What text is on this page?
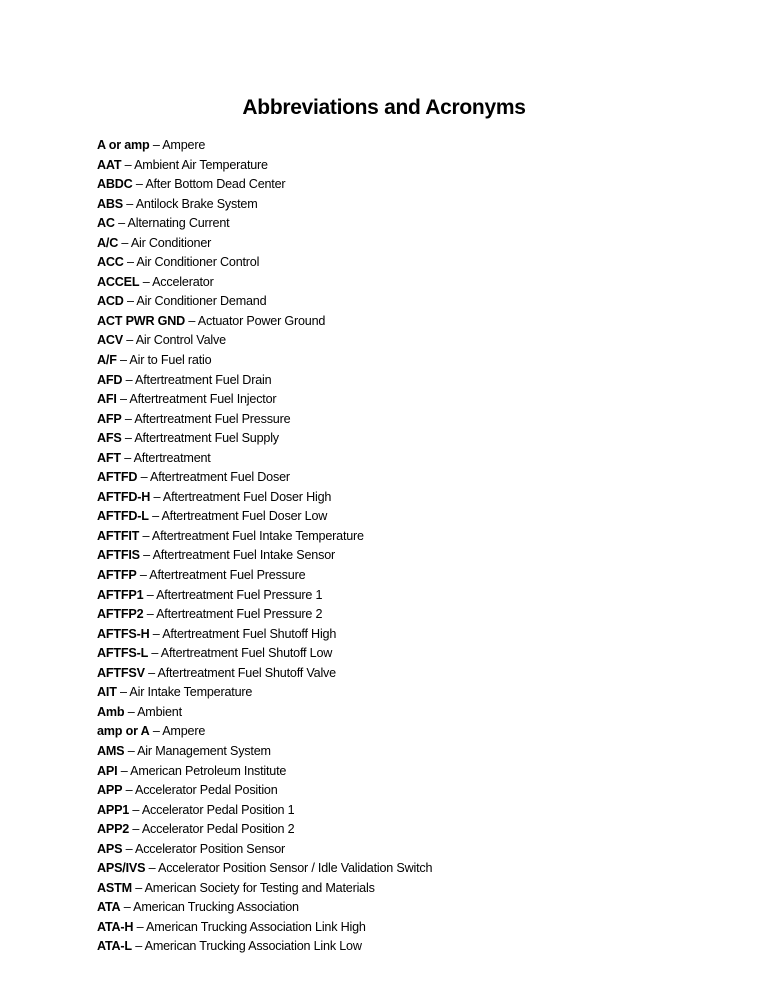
Abbreviations and Acronyms
A or amp – Ampere
AAT – Ambient Air Temperature
ABDC – After Bottom Dead Center
ABS – Antilock Brake System
AC – Alternating Current
A/C – Air Conditioner
ACC – Air Conditioner Control
ACCEL – Accelerator
ACD – Air Conditioner Demand
ACT PWR GND – Actuator Power Ground
ACV – Air Control Valve
A/F – Air to Fuel ratio
AFD – Aftertreatment Fuel Drain
AFI – Aftertreatment Fuel Injector
AFP – Aftertreatment Fuel Pressure
AFS – Aftertreatment Fuel Supply
AFT – Aftertreatment
AFTFD – Aftertreatment Fuel Doser
AFTFD-H – Aftertreatment Fuel Doser High
AFTFD-L – Aftertreatment Fuel Doser Low
AFTFIT – Aftertreatment Fuel Intake Temperature
AFTFIS – Aftertreatment Fuel Intake Sensor
AFTFP – Aftertreatment Fuel Pressure
AFTFP1 – Aftertreatment Fuel Pressure 1
AFTFP2 – Aftertreatment Fuel Pressure 2
AFTFS-H – Aftertreatment Fuel Shutoff High
AFTFS-L – Aftertreatment Fuel Shutoff Low
AFTFSV – Aftertreatment Fuel Shutoff Valve
AIT – Air Intake Temperature
Amb – Ambient
amp or A – Ampere
AMS – Air Management System
API – American Petroleum Institute
APP – Accelerator Pedal Position
APP1 – Accelerator Pedal Position 1
APP2 – Accelerator Pedal Position 2
APS – Accelerator Position Sensor
APS/IVS – Accelerator Position Sensor / Idle Validation Switch
ASTM – American Society for Testing and Materials
ATA – American Trucking Association
ATA-H – American Trucking Association Link High
ATA-L – American Trucking Association Link Low
